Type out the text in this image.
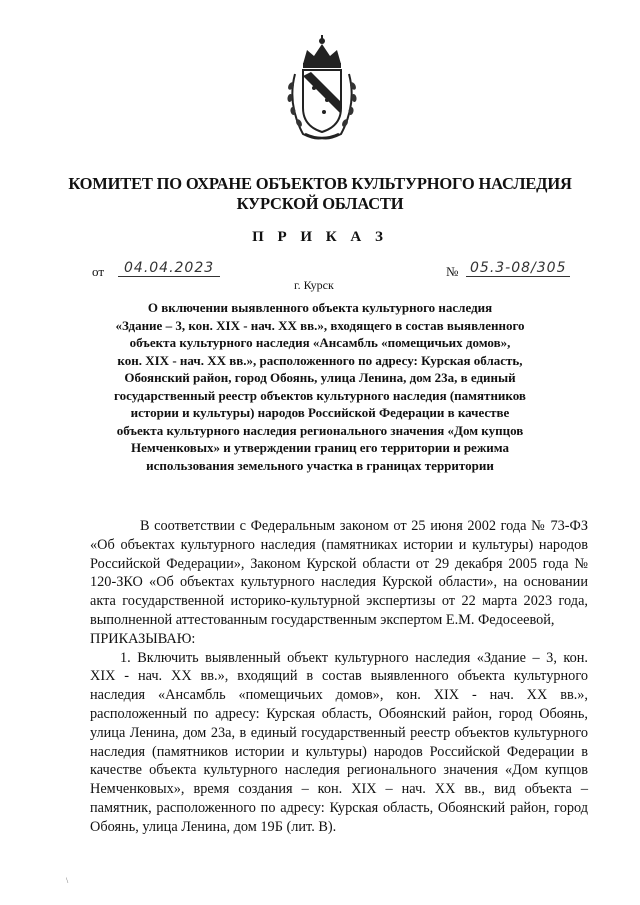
КОМИТЕТ ПО ОХРАНЕ ОБЪЕКТОВ КУЛЬТУРНОГО НАСЛЕДИЯ
КУРСКОЙ ОБЛАСТИ
П Р И К А З
от	04.04.2023	№ 05.3-08/305
г. Курск
О включении выявленного объекта культурного наследия
«Здание – 3, кон. XIX - нач. XX вв.», входящего в состав выявленного
объекта культурного наследия «Ансамбль «помещичьих домов»,
кон. XIX - нач. XX вв.», расположенного по адресу: Курская область,
Обоянский район, город Обоянь, улица Ленина, дом 23а, в единый
государственный реестр объектов культурного наследия (памятников
истории и культуры) народов Российской Федерации в качестве
объекта культурного наследия регионального значения «Дом купцов
Немченковых» и утверждении границ его территории и режима
использования земельного участка в границах территории

В соответствии с Федеральным законом от 25 июня 2002 года № 73-ФЗ «Об объектах культурного наследия (памятниках истории и культуры) народов Российской Федерации», Законом Курской области от 29 декабря 2005 года № 120-ЗКО «Об объектах культурного наследия Курской области», на основании акта государственной историко-культурной экспертизы от 22 марта 2023 года, выполненной аттестованным государственным экспертом Е.М. Федосеевой,

ПРИКАЗЫВАЮ:

1. Включить выявленный объект культурного наследия «Здание – 3, кон. XIX - нач. XX вв.», входящий в состав выявленного объекта культурного наследия «Ансамбль «помещичьих домов», кон. XIX - нач. XX вв.», расположенный по адресу: Курская область, Обоянский район, город Обоянь, улица Ленина, дом 23а, в единый государственный реестр объектов культурного наследия (памятников истории и культуры) народов Российской Федерации в качестве объекта культурного наследия регионального значения «Дом купцов Немченковых», время создания – кон. XIX – нач. XX вв., вид объекта – памятник, расположенного по адресу: Курская область, Обоянский район, город Обоянь, улица Ленина, дом 19Б (лит. В).

\
